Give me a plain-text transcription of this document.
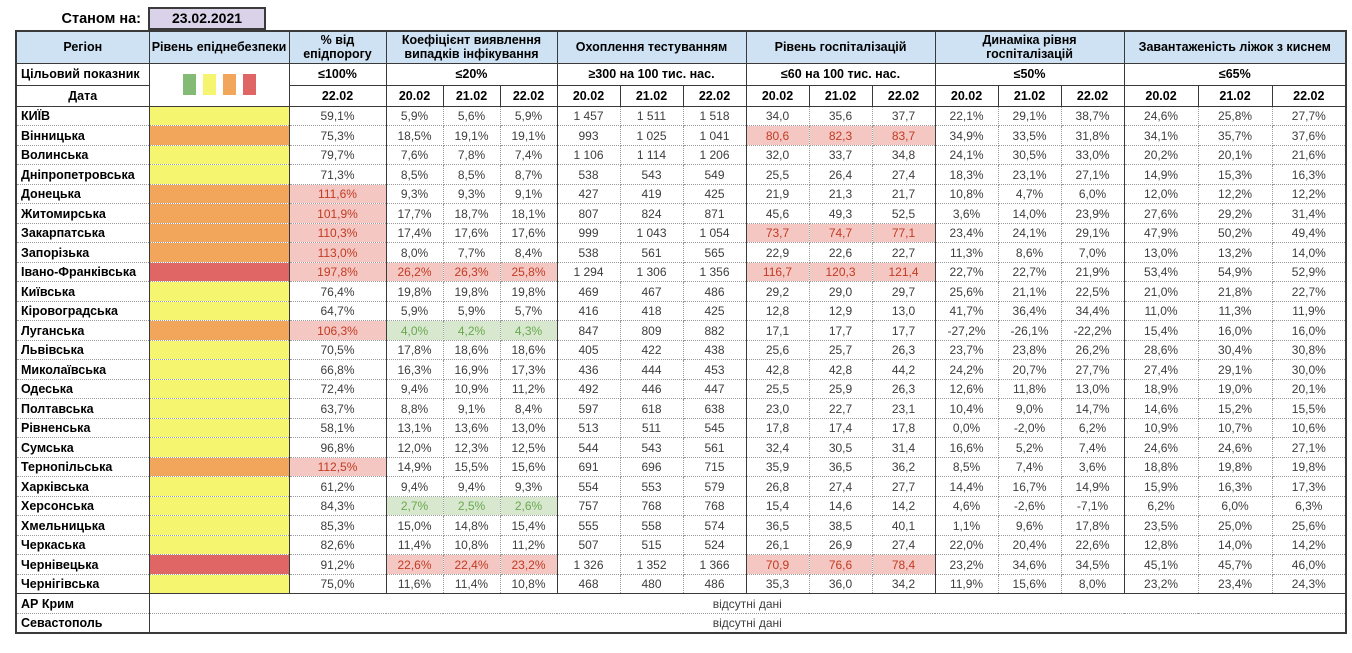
Станом на:	23.02.2021
Регіон	Рівень епіднебезпеки	% від епідпорогу	Коефіцієнт виявлення випадків інфікування			Охоплення тестуванням			Рівень госпіталізацій			Динаміка рівня госпіталізацій			Завантаженість ліжок з киснем		
Цільовий показник		≤100%	≤20%			≥300 на 100 тис. нас.			≤60 на 100 тис. нас.			≤50%			≤65%		
Дата		22.02	20.02	21.02	22.02	20.02	21.02	22.02	20.02	21.02	22.02	20.02	21.02	22.02	20.02	21.02	22.02
КИЇВ		59,1%	5,9%	5,6%	5,9%	1 457	1 511	1 518	34,0	35,6	37,7	22,1%	29,1%	38,7%	24,6%	25,8%	27,7%
Вінницька		75,3%	18,5%	19,1%	19,1%	993	1 025	1 041	80,6	82,3	83,7	34,9%	33,5%	31,8%	34,1%	35,7%	37,6%
Волинська		79,7%	7,6%	7,8%	7,4%	1 106	1 114	1 206	32,0	33,7	34,8	24,1%	30,5%	33,0%	20,2%	20,1%	21,6%
Дніпропетровська		71,3%	8,5%	8,5%	8,7%	538	543	549	25,5	26,4	27,4	18,3%	23,1%	27,1%	14,9%	15,3%	16,3%
Донецька		111,6%	9,3%	9,3%	9,1%	427	419	425	21,9	21,3	21,7	10,8%	4,7%	6,0%	12,0%	12,2%	12,2%
Житомирська		101,9%	17,7%	18,7%	18,1%	807	824	871	45,6	49,3	52,5	3,6%	14,0%	23,9%	27,6%	29,2%	31,4%
Закарпатська		110,3%	17,4%	17,6%	17,6%	999	1 043	1 054	73,7	74,7	77,1	23,4%	24,1%	29,1%	47,9%	50,2%	49,4%
Запорізька		113,0%	8,0%	7,7%	8,4%	538	561	565	22,9	22,6	22,7	11,3%	8,6%	7,0%	13,0%	13,2%	14,0%
Івано-Франківська		197,8%	26,2%	26,3%	25,8%	1 294	1 306	1 356	116,7	120,3	121,4	22,7%	22,7%	21,9%	53,4%	54,9%	52,9%
Київська		76,4%	19,8%	19,8%	19,8%	469	467	486	29,2	29,0	29,7	25,6%	21,1%	22,5%	21,0%	21,8%	22,7%
Кіровоградська		64,7%	5,9%	5,9%	5,7%	416	418	425	12,8	12,9	13,0	41,7%	36,4%	34,4%	11,0%	11,3%	11,9%
Луганська		106,3%	4,0%	4,2%	4,3%	847	809	882	17,1	17,7	17,7	-27,2%	-26,1%	-22,2%	15,4%	16,0%	16,0%
Львівська		70,5%	17,8%	18,6%	18,6%	405	422	438	25,6	25,7	26,3	23,7%	23,8%	26,2%	28,6%	30,4%	30,8%
Миколаївська		66,8%	16,3%	16,9%	17,3%	436	444	453	42,8	42,8	44,2	24,2%	20,7%	27,7%	27,4%	29,1%	30,0%
Одеська		72,4%	9,4%	10,9%	11,2%	492	446	447	25,5	25,9	26,3	12,6%	11,8%	13,0%	18,9%	19,0%	20,1%
Полтавська		63,7%	8,8%	9,1%	8,4%	597	618	638	23,0	22,7	23,1	10,4%	9,0%	14,7%	14,6%	15,2%	15,5%
Рівненська		58,1%	13,1%	13,6%	13,0%	513	511	545	17,8	17,4	17,8	0,0%	-2,0%	6,2%	10,9%	10,7%	10,6%
Сумська		96,8%	12,0%	12,3%	12,5%	544	543	561	32,4	30,5	31,4	16,6%	5,2%	7,4%	24,6%	24,6%	27,1%
Тернопільська		112,5%	14,9%	15,5%	15,6%	691	696	715	35,9	36,5	36,2	8,5%	7,4%	3,6%	18,8%	19,8%	19,8%
Харківська		61,2%	9,4%	9,4%	9,3%	554	553	579	26,8	27,4	27,7	14,4%	16,7%	14,9%	15,9%	16,3%	17,3%
Херсонська		84,3%	2,7%	2,5%	2,6%	757	768	768	15,4	14,6	14,2	4,6%	-2,6%	-7,1%	6,2%	6,0%	6,3%
Хмельницька		85,3%	15,0%	14,8%	15,4%	555	558	574	36,5	38,5	40,1	1,1%	9,6%	17,8%	23,5%	25,0%	25,6%
Черкаська		82,6%	11,4%	10,8%	11,2%	507	515	524	26,1	26,9	27,4	22,0%	20,4%	22,6%	12,8%	14,0%	14,2%
Чернівецька		91,2%	22,6%	22,4%	23,2%	1 326	1 352	1 366	70,9	76,6	78,4	23,2%	34,6%	34,5%	45,1%	45,7%	46,0%
Чернігівська		75,0%	11,6%	11,4%	10,8%	468	480	486	35,3	36,0	34,2	11,9%	15,6%	8,0%	23,2%	23,4%	24,3%
АР Крим	відсутні дані																
Севастополь	відсутні дані																
